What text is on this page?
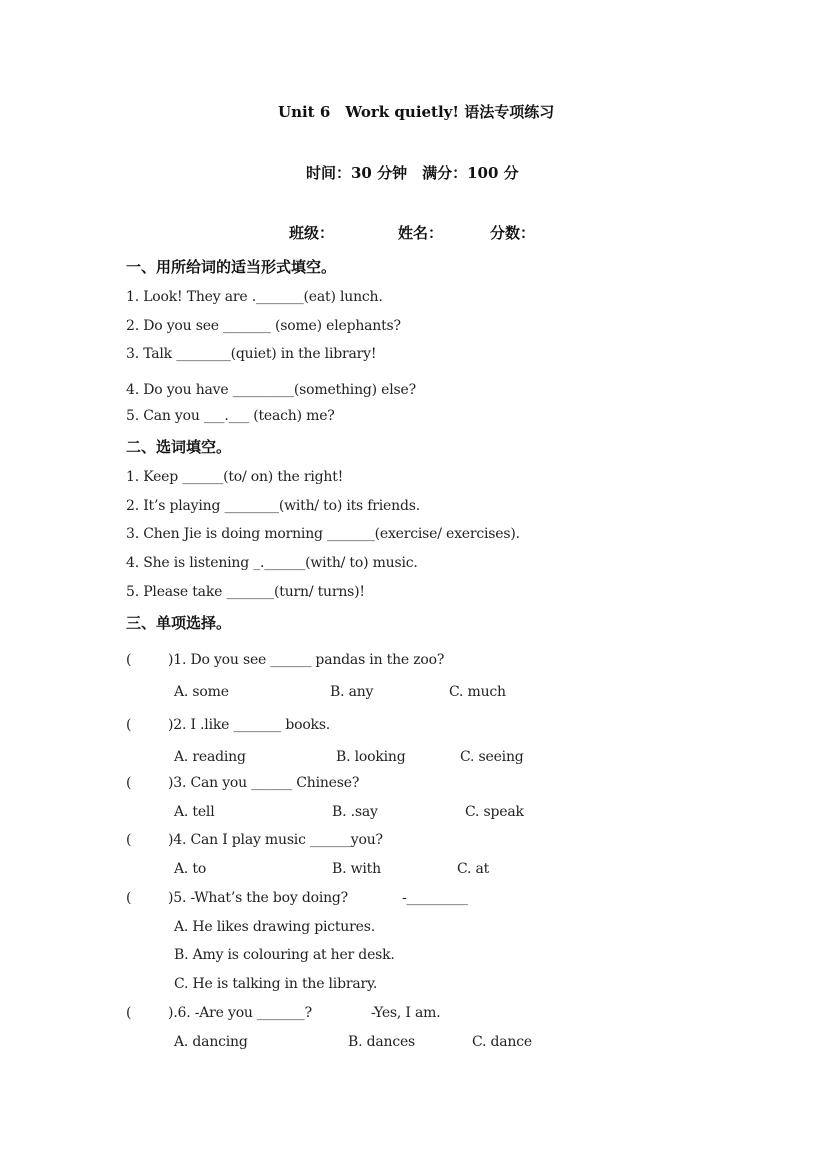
Unit 6　Work quietly! 语法专项练习
时间：30 分钟　满分：100 分
班级：	姓名：	分数：
一、用所给词的适当形式填空。
1. Look! They are ._______(eat) lunch.
2. Do you see _______ (some) elephants?
3. Talk ________(quiet) in the library!
4. Do you have _________(something) else?
5. Can you ___.___ (teach) me?
二、选词填空。
1. Keep ______(to/ on) the right!
2. It’s playing ________(with/ to) its friends.
3. Chen Jie is doing morning _______(exercise/ exercises).
4. She is listening _.______(with/ to) music.
5. Please take _______(turn/ turns)!
三、单项选择。
(	)1. Do you see ______ pandas in the zoo?
A. some	B. any	C. much
(	)2. I .like _______ books.
A. reading	B. looking	C. seeing
(	)3. Can you ______ Chinese?
A. tell	B. .say	C. speak
(	)4. Can I play music ______you?
A. to	B. with	C. at
(	)5. -What’s the boy doing?	-_________
A. He likes drawing pictures.
B. Amy is colouring at her desk.
C. He is talking in the library.
(	).6. -Are you _______?	-Yes, I am.
A. dancing	B. dances	C. dance
